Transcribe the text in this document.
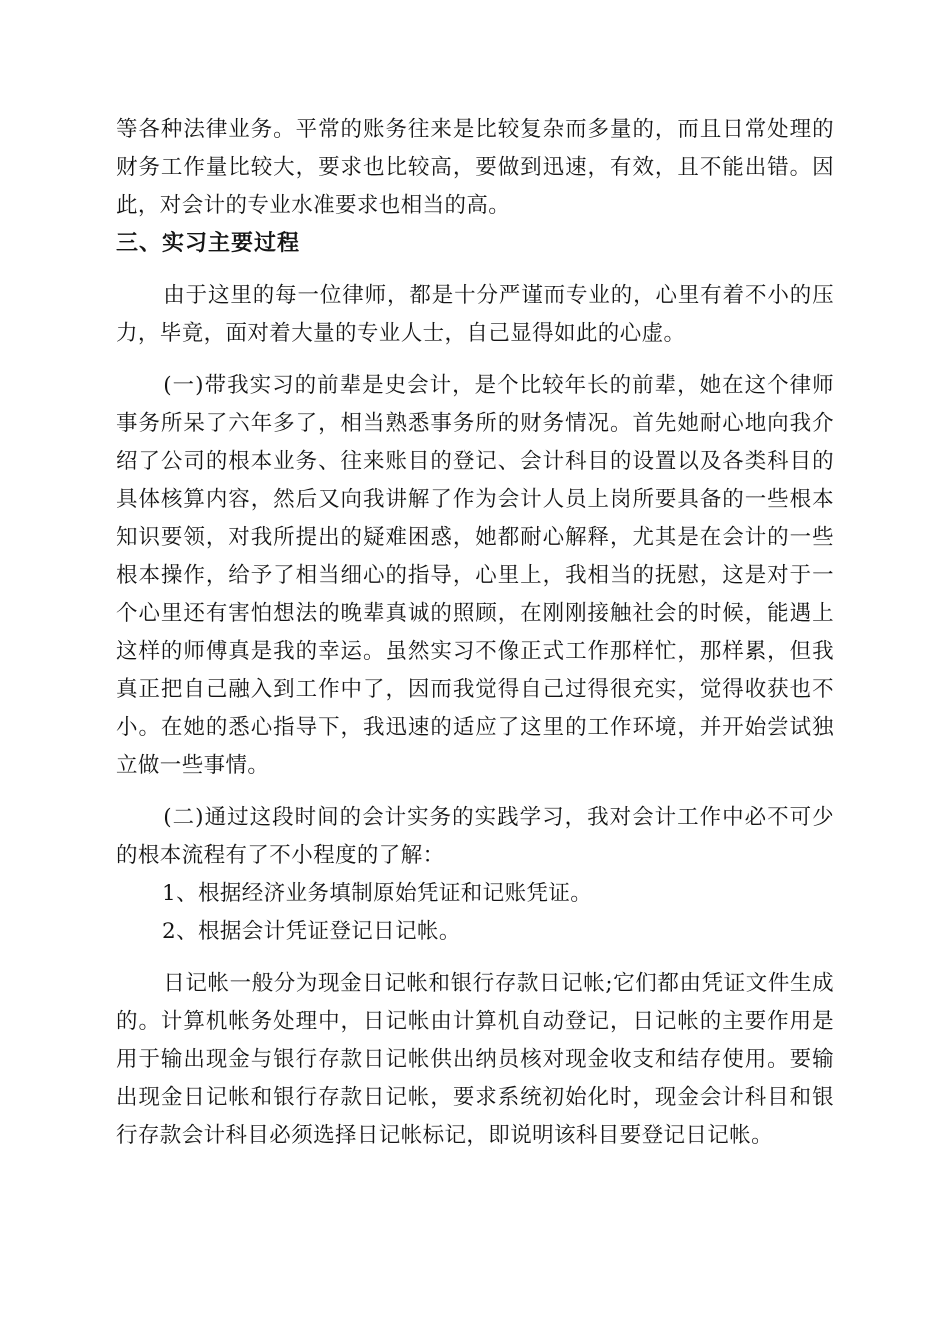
等各种法律业务。平常的账务往来是比较复杂而多量的，而且日常处理的财务工作量比较大，要求也比较高，要做到迅速，有效，且不能出错。因此，对会计的专业水准要求也相当的高。

三、实习主要过程

由于这里的每一位律师，都是十分严谨而专业的，心里有着不小的压力，毕竟，面对着大量的专业人士，自己显得如此的心虚。

(一)带我实习的前辈是史会计，是个比较年长的前辈，她在这个律师事务所呆了六年多了，相当熟悉事务所的财务情况。首先她耐心地向我介绍了公司的根本业务、往来账目的登记、会计科目的设置以及各类科目的具体核算内容，然后又向我讲解了作为会计人员上岗所要具备的一些根本知识要领，对我所提出的疑难困惑，她都耐心解释，尤其是在会计的一些根本操作，给予了相当细心的指导，心里上，我相当的抚慰，这是对于一个心里还有害怕想法的晚辈真诚的照顾，在刚刚接触社会的时候，能遇上这样的师傅真是我的幸运。虽然实习不像正式工作那样忙，那样累，但我真正把自己融入到工作中了，因而我觉得自己过得很充实，觉得收获也不小。在她的悉心指导下，我迅速的适应了这里的工作环境，并开始尝试独立做一些事情。

(二)通过这段时间的会计实务的实践学习，我对会计工作中必不可少的根本流程有了不小程度的了解：

1、根据经济业务填制原始凭证和记账凭证。

2、根据会计凭证登记日记帐。

日记帐一般分为现金日记帐和银行存款日记帐;它们都由凭证文件生成的。计算机帐务处理中，日记帐由计算机自动登记，日记帐的主要作用是用于输出现金与银行存款日记帐供出纳员核对现金收支和结存使用。要输出现金日记帐和银行存款日记帐，要求系统初始化时，现金会计科目和银行存款会计科目必须选择日记帐标记，即说明该科目要登记日记帐。
